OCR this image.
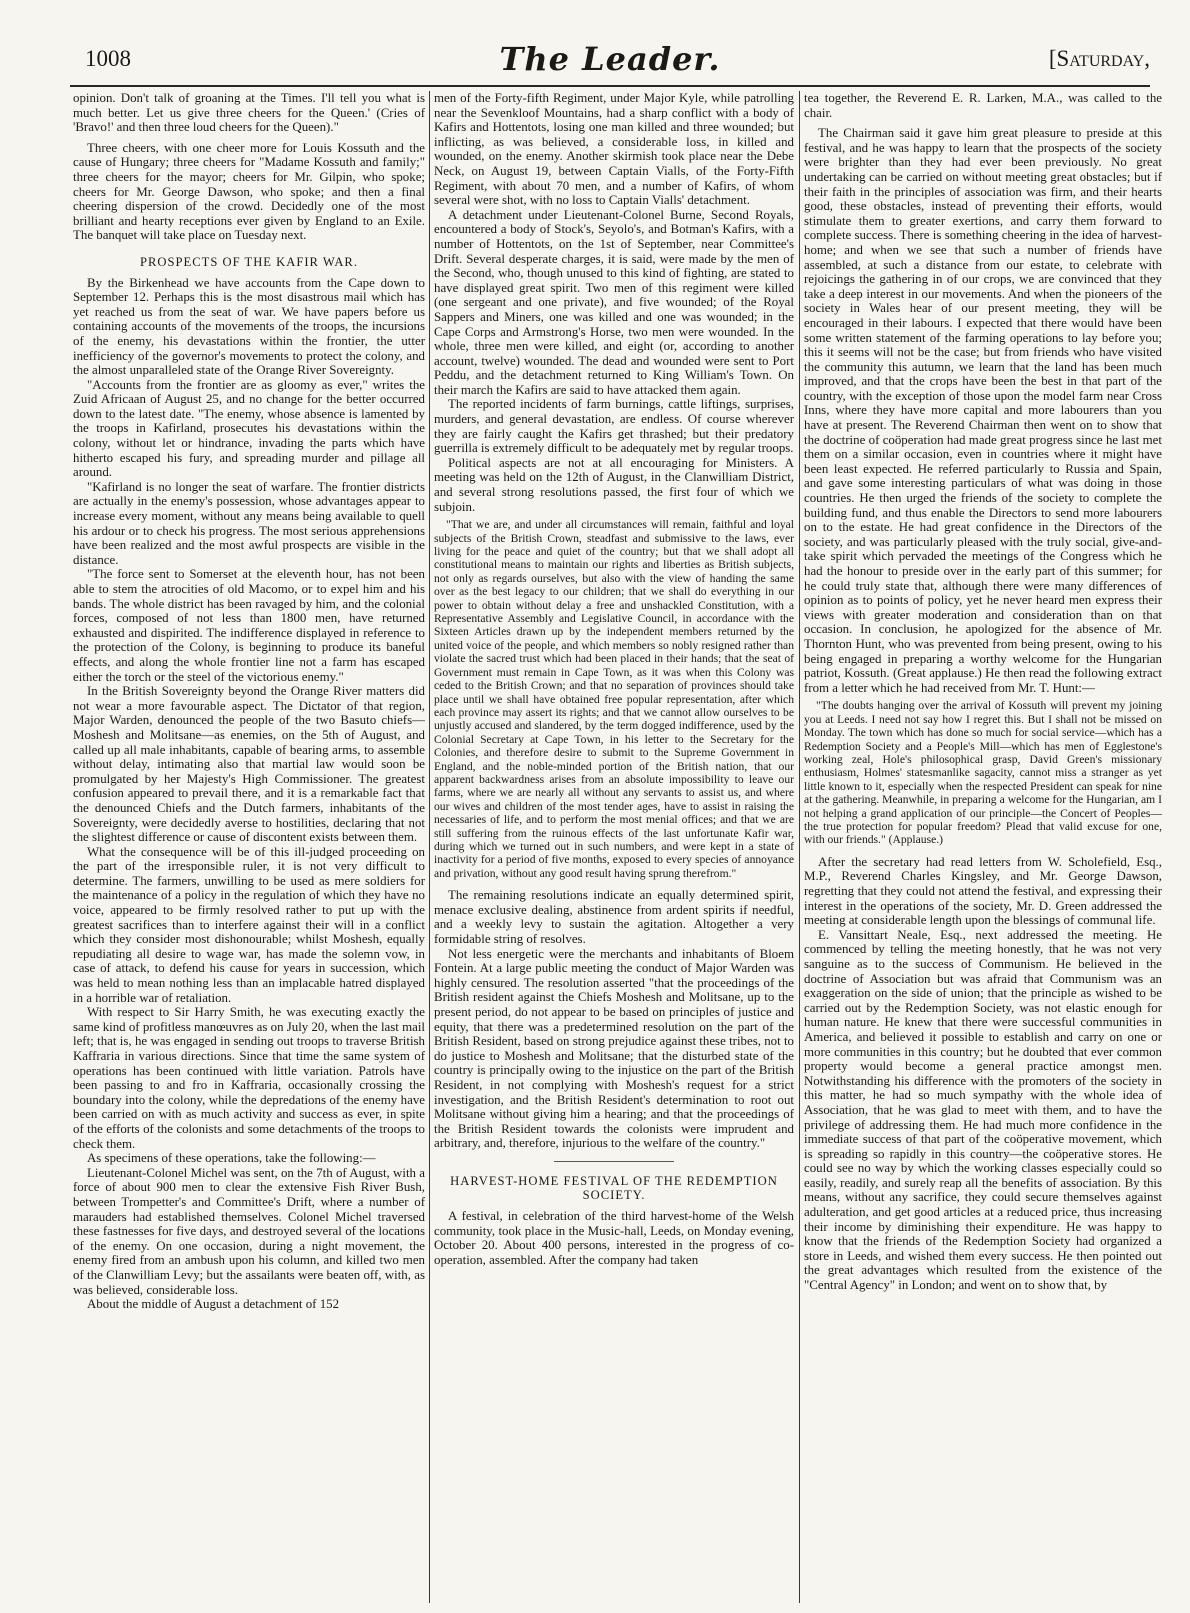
1008	The Leader.	[Saturday,

opinion. Don't talk of groaning at the Times. I'll tell you what is much better. Let us give three cheers for the Queen.' (Cries of 'Bravo!' and then three loud cheers for the Queen)."

Three cheers, with one cheer more for Louis Kossuth and the cause of Hungary; three cheers for "Madame Kossuth and family;" three cheers for the mayor; cheers for Mr. Gilpin, who spoke; cheers for Mr. George Dawson, who spoke; and then a final cheering dispersion of the crowd. Decidedly one of the most brilliant and hearty receptions ever given by England to an Exile. The banquet will take place on Tuesday next.

PROSPECTS OF THE KAFIR WAR.

By the Birkenhead we have accounts from the Cape down to September 12. Perhaps this is the most disastrous mail which has yet reached us from the seat of war. We have papers before us containing accounts of the movements of the troops, the incursions of the enemy, his devastations within the frontier, the utter inefficiency of the governor's movements to protect the colony, and the almost unparalleled state of the Orange River Sovereignty.

"Accounts from the frontier are as gloomy as ever," writes the Zuid Africaan of August 25, and no change for the better occurred down to the latest date. "The enemy, whose absence is lamented by the troops in Kafirland, prosecutes his devastations within the colony, without let or hindrance, invading the parts which have hitherto escaped his fury, and spreading murder and pillage all around.

"Kafirland is no longer the seat of warfare. The frontier districts are actually in the enemy's possession, whose advantages appear to increase every moment, without any means being available to quell his ardour or to check his progress. The most serious apprehensions have been realized and the most awful prospects are visible in the distance.

"The force sent to Somerset at the eleventh hour, has not been able to stem the atrocities of old Macomo, or to expel him and his bands. The whole district has been ravaged by him, and the colonial forces, composed of not less than 1800 men, have returned exhausted and dispirited. The indifference displayed in reference to the protection of the Colony, is beginning to produce its baneful effects, and along the whole frontier line not a farm has escaped either the torch or the steel of the victorious enemy."

In the British Sovereignty beyond the Orange River matters did not wear a more favourable aspect. The Dictator of that region, Major Warden, denounced the people of the two Basuto chiefs—Moshesh and Molitsane—as enemies, on the 5th of August, and called up all male inhabitants, capable of bearing arms, to assemble without delay, intimating also that martial law would soon be promulgated by her Majesty's High Commissioner. The greatest confusion appeared to prevail there, and it is a remarkable fact that the denounced Chiefs and the Dutch farmers, inhabitants of the Sovereignty, were decidedly averse to hostilities, declaring that not the slightest difference or cause of discontent exists between them.

What the consequence will be of this ill-judged proceeding on the part of the irresponsible ruler, it is not very difficult to determine. The farmers, unwilling to be used as mere soldiers for the maintenance of a policy in the regulation of which they have no voice, appeared to be firmly resolved rather to put up with the greatest sacrifices than to interfere against their will in a conflict which they consider most dishonourable; whilst Moshesh, equally repudiating all desire to wage war, has made the solemn vow, in case of attack, to defend his cause for years in succession, which was held to mean nothing less than an implacable hatred displayed in a horrible war of retaliation.

With respect to Sir Harry Smith, he was executing exactly the same kind of profitless manœuvres as on July 20, when the last mail left; that is, he was engaged in sending out troops to traverse British Kaffraria in various directions. Since that time the same system of operations has been continued with little variation. Patrols have been passing to and fro in Kaffraria, occasionally crossing the boundary into the colony, while the depredations of the enemy have been carried on with as much activity and success as ever, in spite of the efforts of the colonists and some detachments of the troops to check them.

As specimens of these operations, take the following:—

Lieutenant-Colonel Michel was sent, on the 7th of August, with a force of about 900 men to clear the extensive Fish River Bush, between Trompetter's and Committee's Drift, where a number of marauders had established themselves. Colonel Michel traversed these fastnesses for five days, and destroyed several of the locations of the enemy. On one occasion, during a night movement, the enemy fired from an ambush upon his column, and killed two men of the Clanwilliam Levy; but the assailants were beaten off, with, as was believed, considerable loss.

About the middle of August a detachment of 152

men of the Forty-fifth Regiment, under Major Kyle, while patrolling near the Sevenkloof Mountains, had a sharp conflict with a body of Kafirs and Hottentots, losing one man killed and three wounded; but inflicting, as was believed, a considerable loss, in killed and wounded, on the enemy. Another skirmish took place near the Debe Neck, on August 19, between Captain Vialls, of the Forty-Fifth Regiment, with about 70 men, and a number of Kafirs, of whom several were shot, with no loss to Captain Vialls' detachment.

A detachment under Lieutenant-Colonel Burne, Second Royals, encountered a body of Stock's, Seyolo's, and Botman's Kafirs, with a number of Hottentots, on the 1st of September, near Committee's Drift. Several desperate charges, it is said, were made by the men of the Second, who, though unused to this kind of fighting, are stated to have displayed great spirit. Two men of this regiment were killed (one sergeant and one private), and five wounded; of the Royal Sappers and Miners, one was killed and one was wounded; in the Cape Corps and Armstrong's Horse, two men were wounded. In the whole, three men were killed, and eight (or, according to another account, twelve) wounded. The dead and wounded were sent to Port Peddu, and the detachment returned to King William's Town. On their march the Kafirs are said to have attacked them again.

The reported incidents of farm burnings, cattle liftings, surprises, murders, and general devastation, are endless. Of course wherever they are fairly caught the Kafirs get thrashed; but their predatory guerrilla is extremely difficult to be adequately met by regular troops.

Political aspects are not at all encouraging for Ministers. A meeting was held on the 12th of August, in the Clanwilliam District, and several strong resolutions passed, the first four of which we subjoin.

"That we are, and under all circumstances will remain, faithful and loyal subjects of the British Crown, steadfast and submissive to the laws, ever living for the peace and quiet of the country; but that we shall adopt all constitutional means to maintain our rights and liberties as British subjects, not only as regards ourselves, but also with the view of handing the same over as the best legacy to our children; that we shall do everything in our power to obtain without delay a free and unshackled Constitution, with a Representative Assembly and Legislative Council, in accordance with the Sixteen Articles drawn up by the independent members returned by the united voice of the people, and which members so nobly resigned rather than violate the sacred trust which had been placed in their hands; that the seat of Government must remain in Cape Town, as it was when this Colony was ceded to the British Crown; and that no separation of provinces should take place until we shall have obtained free popular representation, after which each province may assert its rights; and that we cannot allow ourselves to be unjustly accused and slandered, by the term dogged indifference, used by the Colonial Secretary at Cape Town, in his letter to the Secretary for the Colonies, and therefore desire to submit to the Supreme Government in England, and the noble-minded portion of the British nation, that our apparent backwardness arises from an absolute impossibility to leave our farms, where we are nearly all without any servants to assist us, and where our wives and children of the most tender ages, have to assist in raising the necessaries of life, and to perform the most menial offices; and that we are still suffering from the ruinous effects of the last unfortunate Kafir war, during which we turned out in such numbers, and were kept in a state of inactivity for a period of five months, exposed to every species of annoyance and privation, without any good result having sprung therefrom."

The remaining resolutions indicate an equally determined spirit, menace exclusive dealing, abstinence from ardent spirits if needful, and a weekly levy to sustain the agitation. Altogether a very formidable string of resolves.

Not less energetic were the merchants and inhabitants of Bloem Fontein. At a large public meeting the conduct of Major Warden was highly censured. The resolution asserted "that the proceedings of the British resident against the Chiefs Moshesh and Molitsane, up to the present period, do not appear to be based on principles of justice and equity, that there was a predetermined resolution on the part of the British Resident, based on strong prejudice against these tribes, not to do justice to Moshesh and Molitsane; that the disturbed state of the country is principally owing to the injustice on the part of the British Resident, in not complying with Moshesh's request for a strict investigation, and the British Resident's determination to root out Molitsane without giving him a hearing; and that the proceedings of the British Resident towards the colonists were imprudent and arbitrary, and, therefore, injurious to the welfare of the country."

HARVEST-HOME FESTIVAL OF THE REDEMPTION SOCIETY.

A festival, in celebration of the third harvest-home of the Welsh community, took place in the Music-hall, Leeds, on Monday evening, October 20. About 400 persons, interested in the progress of co-operation, assembled. After the company had taken

tea together, the Reverend E. R. Larken, M.A., was called to the chair.

The Chairman said it gave him great pleasure to preside at this festival, and he was happy to learn that the prospects of the society were brighter than they had ever been previously. No great undertaking can be carried on without meeting great obstacles; but if their faith in the principles of association was firm, and their hearts good, these obstacles, instead of preventing their efforts, would stimulate them to greater exertions, and carry them forward to complete success. There is something cheering in the idea of harvest-home; and when we see that such a number of friends have assembled, at such a distance from our estate, to celebrate with rejoicings the gathering in of our crops, we are convinced that they take a deep interest in our movements. And when the pioneers of the society in Wales hear of our present meeting, they will be encouraged in their labours. I expected that there would have been some written statement of the farming operations to lay before you; this it seems will not be the case; but from friends who have visited the community this autumn, we learn that the land has been much improved, and that the crops have been the best in that part of the country, with the exception of those upon the model farm near Cross Inns, where they have more capital and more labourers than you have at present. The Reverend Chairman then went on to show that the doctrine of coöperation had made great progress since he last met them on a similar occasion, even in countries where it might have been least expected. He referred particularly to Russia and Spain, and gave some interesting particulars of what was doing in those countries. He then urged the friends of the society to complete the building fund, and thus enable the Directors to send more labourers on to the estate. He had great confidence in the Directors of the society, and was particularly pleased with the truly social, give-and-take spirit which pervaded the meetings of the Congress which he had the honour to preside over in the early part of this summer; for he could truly state that, although there were many differences of opinion as to points of policy, yet he never heard men express their views with greater moderation and consideration than on that occasion. In conclusion, he apologized for the absence of Mr. Thornton Hunt, who was prevented from being present, owing to his being engaged in preparing a worthy welcome for the Hungarian patriot, Kossuth. (Great applause.) He then read the following extract from a letter which he had received from Mr. T. Hunt:—

"The doubts hanging over the arrival of Kossuth will prevent my joining you at Leeds. I need not say how I regret this. But I shall not be missed on Monday. The town which has done so much for social service—which has a Redemption Society and a People's Mill—which has men of Egglestone's working zeal, Hole's philosophical grasp, David Green's missionary enthusiasm, Holmes' statesmanlike sagacity, cannot miss a stranger as yet little known to it, especially when the respected President can speak for nine at the gathering. Meanwhile, in preparing a welcome for the Hungarian, am I not helping a grand application of our principle—the Concert of Peoples—the true protection for popular freedom? Plead that valid excuse for one, with our friends." (Applause.)

After the secretary had read letters from W. Scholefield, Esq., M.P., Reverend Charles Kingsley, and Mr. George Dawson, regretting that they could not attend the festival, and expressing their interest in the operations of the society, Mr. D. Green addressed the meeting at considerable length upon the blessings of communal life.

E. Vansittart Neale, Esq., next addressed the meeting. He commenced by telling the meeting honestly, that he was not very sanguine as to the success of Communism. He believed in the doctrine of Association but was afraid that Communism was an exaggeration on the side of union; that the principle as wished to be carried out by the Redemption Society, was not elastic enough for human nature. He knew that there were successful communities in America, and believed it possible to establish and carry on one or more communities in this country; but he doubted that ever common property would become a general practice amongst men. Notwithstanding his difference with the promoters of the society in this matter, he had so much sympathy with the whole idea of Association, that he was glad to meet with them, and to have the privilege of addressing them. He had much more confidence in the immediate success of that part of the coöperative movement, which is spreading so rapidly in this country—the coöperative stores. He could see no way by which the working classes especially could so easily, readily, and surely reap all the benefits of association. By this means, without any sacrifice, they could secure themselves against adulteration, and get good articles at a reduced price, thus increasing their income by diminishing their expenditure. He was happy to know that the friends of the Redemption Society had organized a store in Leeds, and wished them every success. He then pointed out the great advantages which resulted from the existence of the "Central Agency" in London; and went on to show that, by
